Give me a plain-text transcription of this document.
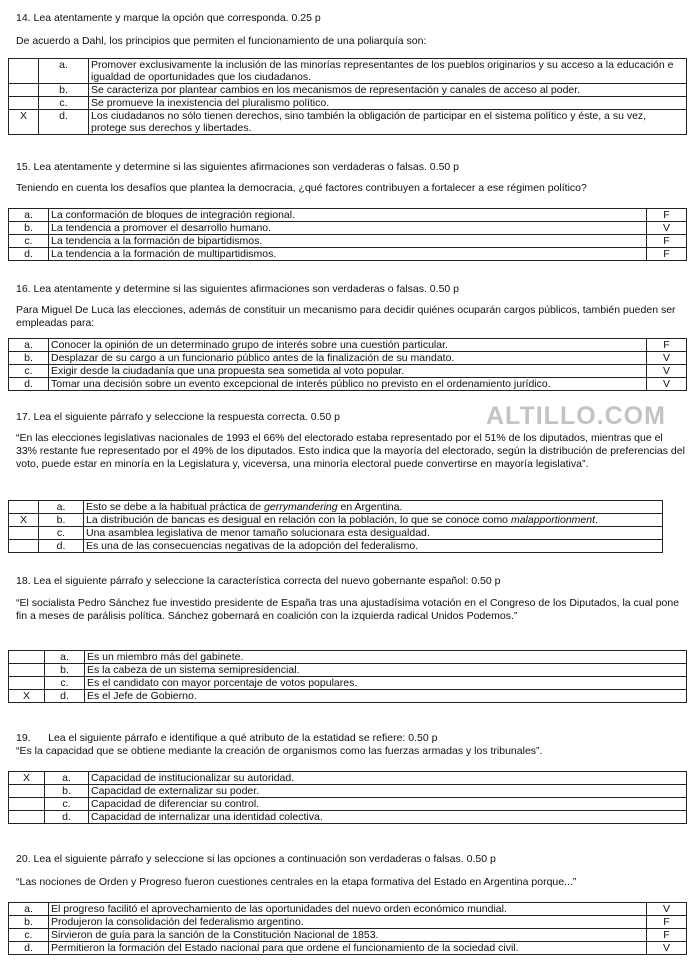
ALTILLO.COM

14. Lea atentamente y marque la opción que corresponda. 0.25 p

De acuerdo a Dahl, los principios que permiten el funcionamiento de una poliarquía son:

	a.	Promover exclusivamente la inclusión de las minorías representantes de los pueblos originarios y su acceso a la educación e igualdad de oportunidades que los ciudadanos.
	b.	Se caracteriza por plantear cambios en los mecanismos de representación y canales de acceso al poder.
	c.	Se promueve la inexistencia del pluralismo político.
X	d.	Los ciudadanos no sólo tienen derechos, sino también la obligación de participar en el sistema político y éste, a su vez, protege sus derechos y libertades.

15. Lea atentamente y determine si las siguientes afirmaciones son verdaderas o falsas. 0.50 p

Teniendo en cuenta los desafíos que plantea la democracia, ¿qué factores contribuyen a fortalecer a ese régimen político?

a.	La conformación de bloques de integración regional.	F
b.	La tendencia a promover el desarrollo humano.	V
c.	La tendencia a la formación de bipartidismos.	F
d.	La tendencia a la formación de multipartidismos.	F

16. Lea atentamente y determine si las siguientes afirmaciones son verdaderas o falsas. 0.50 p

Para Miguel De Luca las elecciones, además de constituir un mecanismo para decidir quiénes ocuparán cargos públicos, también pueden ser empleadas para:

a.	Conocer la opinión de un determinado grupo de interés sobre una cuestión particular.	F
b.	Desplazar de su cargo a un funcionario público antes de la finalización de su mandato.	V
c.	Exigir desde la ciudadanía que una propuesta sea sometida al voto popular.	V
d.	Tomar una decisión sobre un evento excepcional de interés público no previsto en el ordenamiento jurídico.	V

17. Lea el siguiente párrafo y seleccione la respuesta correcta. 0.50 p

“En las elecciones legislativas nacionales de 1993 el 66% del electorado estaba representado por el 51% de los diputados, mientras que el 33% restante fue representado por el 49% de los diputados. Esto indica que la mayoría del electorado, según la distribución de preferencias del voto, puede estar en minoría en la Legislatura y, viceversa, una minoría electoral puede convertirse en mayoría legislativa”.

	a.	Esto se debe a la habitual práctica de gerrymandering en Argentina.
X	b.	La distribución de bancas es desigual en relación con la población, lo que se conoce como malapportionment.
	c.	Una asamblea legislativa de menor tamaño solucionara esta desigualdad.
	d.	Es una de las consecuencias negativas de la adopción del federalismo.

18. Lea el siguiente párrafo y seleccione la característica correcta del nuevo gobernante español: 0.50 p

“El socialista Pedro Sánchez fue investido presidente de España tras una ajustadísima votación en el Congreso de los Diputados, la cual pone fin a meses de parálisis política. Sánchez gobernará en coalición con la izquierda radical Unidos Podemos.”

	a.	Es un miembro más del gabinete.
	b.	Es la cabeza de un sistema semipresidencial.
	c.	Es el candidato con mayor porcentaje de votos populares.
X	d.	Es el Jefe de Gobierno.

19.      Lea el siguiente párrafo e identifique a qué atributo de la estatidad se refiere: 0.50 p

“Es la capacidad que se obtiene mediante la creación de organismos como las fuerzas armadas y los tribunales”.

X	a.	Capacidad de institucionalizar su autoridad.
	b.	Capacidad de externalizar su poder.
	c.	Capacidad de diferenciar su control.
	d.	Capacidad de internalizar una identidad colectiva.

20. Lea el siguiente párrafo y seleccione si las opciones a continuación son verdaderas o falsas. 0.50 p

“Las nociones de Orden y Progreso fueron cuestiones centrales en la etapa formativa del Estado en Argentina porque...”

a.	El progreso facilitó el aprovechamiento de las oportunidades del nuevo orden económico mundial.	V
b.	Produjeron la consolidación del federalismo argentino.	F
c.	Sirvieron de guía para la sanción de la Constitución Nacional de 1853.	F
d.	Permitieron la formación del Estado nacional para que ordene el funcionamiento de la sociedad civil.	V
